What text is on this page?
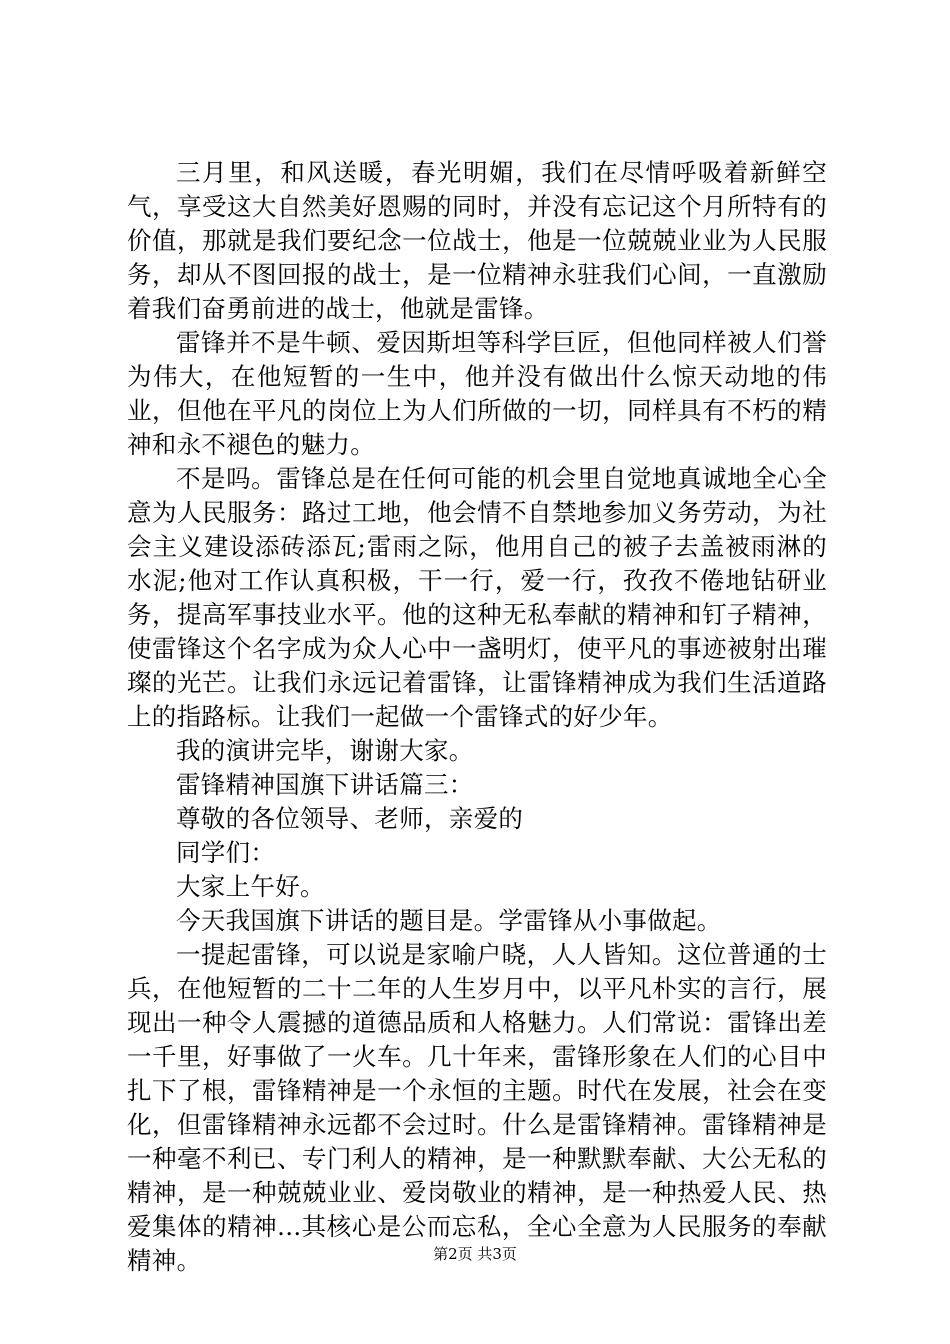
三月里，和风送暖，春光明媚，我们在尽情呼吸着新鲜空气，享受这大自然美好恩赐的同时，并没有忘记这个月所特有的价值，那就是我们要纪念一位战士，他是一位兢兢业业为人民服务，却从不图回报的战士，是一位精神永驻我们心间，一直激励着我们奋勇前进的战士，他就是雷锋。

雷锋并不是牛顿、爱因斯坦等科学巨匠，但他同样被人们誉为伟大，在他短暂的一生中，他并没有做出什么惊天动地的伟业，但他在平凡的岗位上为人们所做的一切，同样具有不朽的精神和永不褪色的魅力。

不是吗。雷锋总是在任何可能的机会里自觉地真诚地全心全意为人民服务：路过工地，他会情不自禁地参加义务劳动，为社会主义建设添砖添瓦;雷雨之际，他用自己的被子去盖被雨淋的水泥;他对工作认真积极，干一行，爱一行，孜孜不倦地钻研业务，提高军事技业水平。他的这种无私奉献的精神和钉子精神，使雷锋这个名字成为众人心中一盏明灯，使平凡的事迹被射出璀璨的光芒。让我们永远记着雷锋，让雷锋精神成为我们生活道路上的指路标。让我们一起做一个雷锋式的好少年。

我的演讲完毕，谢谢大家。

雷锋精神国旗下讲话篇三：

尊敬的各位领导、老师，亲爱的

同学们：

大家上午好。

今天我国旗下讲话的题目是。学雷锋从小事做起。

一提起雷锋，可以说是家喻户晓，人人皆知。这位普通的士兵，在他短暂的二十二年的人生岁月中，以平凡朴实的言行，展现出一种令人震撼的道德品质和人格魅力。人们常说：雷锋出差一千里，好事做了一火车。几十年来，雷锋形象在人们的心目中扎下了根，雷锋精神是一个永恒的主题。时代在发展，社会在变化，但雷锋精神永远都不会过时。什么是雷锋精神。雷锋精神是一种毫不利已、专门利人的精神，是一种默默奉献、大公无私的精神，是一种兢兢业业、爱岗敬业的精神，是一种热爱人民、热爱集体的精神...其核心是公而忘私，全心全意为人民服务的奉献精神。	第2页 共3页
